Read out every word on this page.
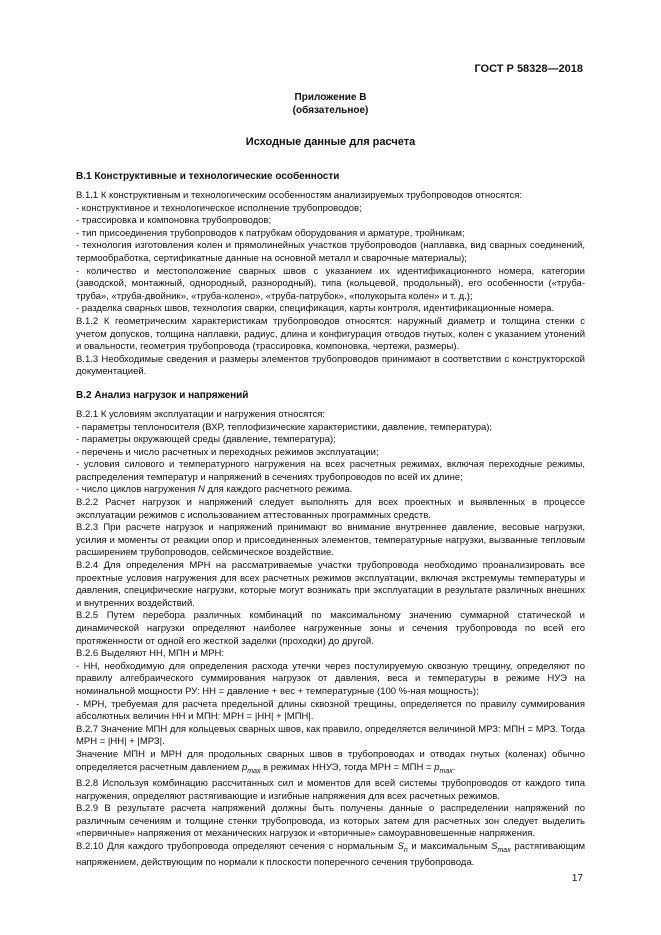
ГОСТ Р 58328—2018
Приложение В
(обязательное)
Исходные данные для расчета
В.1 Конструктивные и технологические особенности

В.1.1 К конструктивным и технологическим особенностям анализируемых трубопроводов относятся:

- конструктивное и технологическое исполнение трубопроводов;

- трассировка и компоновка трубопроводов;

- тип присоединения трубопроводов к патрубкам оборудования и арматуре, тройникам;

- технология изготовления колен и прямолинейных участков трубопроводов (наплавка, вид сварных соединений, термообработка, сертификатные данные на основной металл и сварочные материалы);

- количество и местоположение сварных швов с указанием их идентификационного номера, категории (заводской, монтажный, однородный, разнородный), типа (кольцевой, продольный), его особенности («труба-труба», «труба-двойник», «труба-колено», «труба-патрубок», «полукорыта колен» и т. д.);

- разделка сварных швов, технология сварки, спецификация, карты контроля, идентификационные номера.

В.1.2 К геометрическим характеристикам трубопроводов относятся: наружный диаметр и толщина стенки с учетом допусков, толщина наплавки, радиус, длина и конфигурация отводов гнутых, колен с указанием утонений и овальности, геометрия трубопровода (трассировка, компоновка, чертежи, размеры).

В.1.3 Необходимые сведения и размеры элементов трубопроводов принимают в соответствии с конструкторской документацией.

В.2 Анализ нагрузок и напряжений

В.2.1 К условиям эксплуатации и нагружения относятся:

- параметры теплоносителя (ВХР, теплофизические характеристики, давление, температура);

- параметры окружающей среды (давление, температура);

- перечень и число расчетных и переходных режимов эксплуатации;

- условия силового и температурного нагружения на всех расчетных режимах, включая переходные режимы, распределения температур и напряжений в сечениях трубопроводов по всей их длине;

- число циклов нагружения N для каждого расчетного режима.

В.2.2 Расчет нагрузок и напряжений следует выполнять для всех проектных и выявленных в процессе эксплуатации режимов с использованием аттестованных программных средств.

В.2.3 При расчете нагрузок и напряжений принимают во внимание внутреннее давление, весовые нагрузки, усилия и моменты от реакции опор и присоединенных элементов, температурные нагрузки, вызванные тепловым расширением трубопроводов, сейсмическое воздействие.

В.2.4 Для определения МРН на рассматриваемые участки трубопровода необходимо проанализировать все проектные условия нагружения для всех расчетных режимов эксплуатации, включая экстремумы температуры и давления, специфические нагрузки, которые могут возникать при эксплуатации в результате различных внешних и внутренних воздействий.

В.2.5 Путем перебора различных комбинаций по максимальному значению суммарной статической и динамической нагрузки определяют наиболее нагруженные зоны и сечения трубопровода по всей его протяженности от одной его жесткой заделки (проходки) до другой.

В.2.6 Выделяют НН, МПН и МРН:

- НН, необходимую для определения расхода утечки через постулируемую сквозную трещину, определяют по правилу алгебраического суммирования нагрузок от давления, веса и температуры в режиме НУЭ на номинальной мощности РУ: НН = давление + вес + температурные (100 %-ная мощность);

- МРН, требуемая для расчета предельной длины сквозной трещины, определяется по правилу суммирования абсолютных величин НН и МПН: МРН = |НН| + |МПН|.

В.2.7 Значение МПН для кольцевых сварных швов, как правило, определяется величиной МРЗ: МПН = МРЗ. Тогда МРН = |НН| + |МРЗ|.

Значение МПН и МРН для продольных сварных швов в трубопроводах и отводах гнутых (коленах) обычно определяется расчетным давлением $p_{max}$ в режимах ННУЭ, тогда МРН = МПН = $p_{max}$.

В.2.8 Используя комбинацию рассчитанных сил и моментов для всей системы трубопроводов от каждого типа нагружения, определяют растягивающие и изгибные напряжения для всех расчетных режимов.

В.2.9 В результате расчета напряжений должны быть получены данные о распределении напряжений по различным сечениям и толщине стенки трубопровода, из которых затем для расчетных зон следует выделить «первичные» напряжения от механических нагрузок и «вторичные» самоуравновешенные напряжения.

В.2.10 Для каждого трубопровода определяют сечения с нормальным $S_n$ и максимальным $S_{max}$ растягивающим напряжением, действующим по нормали к плоскости поперечного сечения трубопровода.

17
